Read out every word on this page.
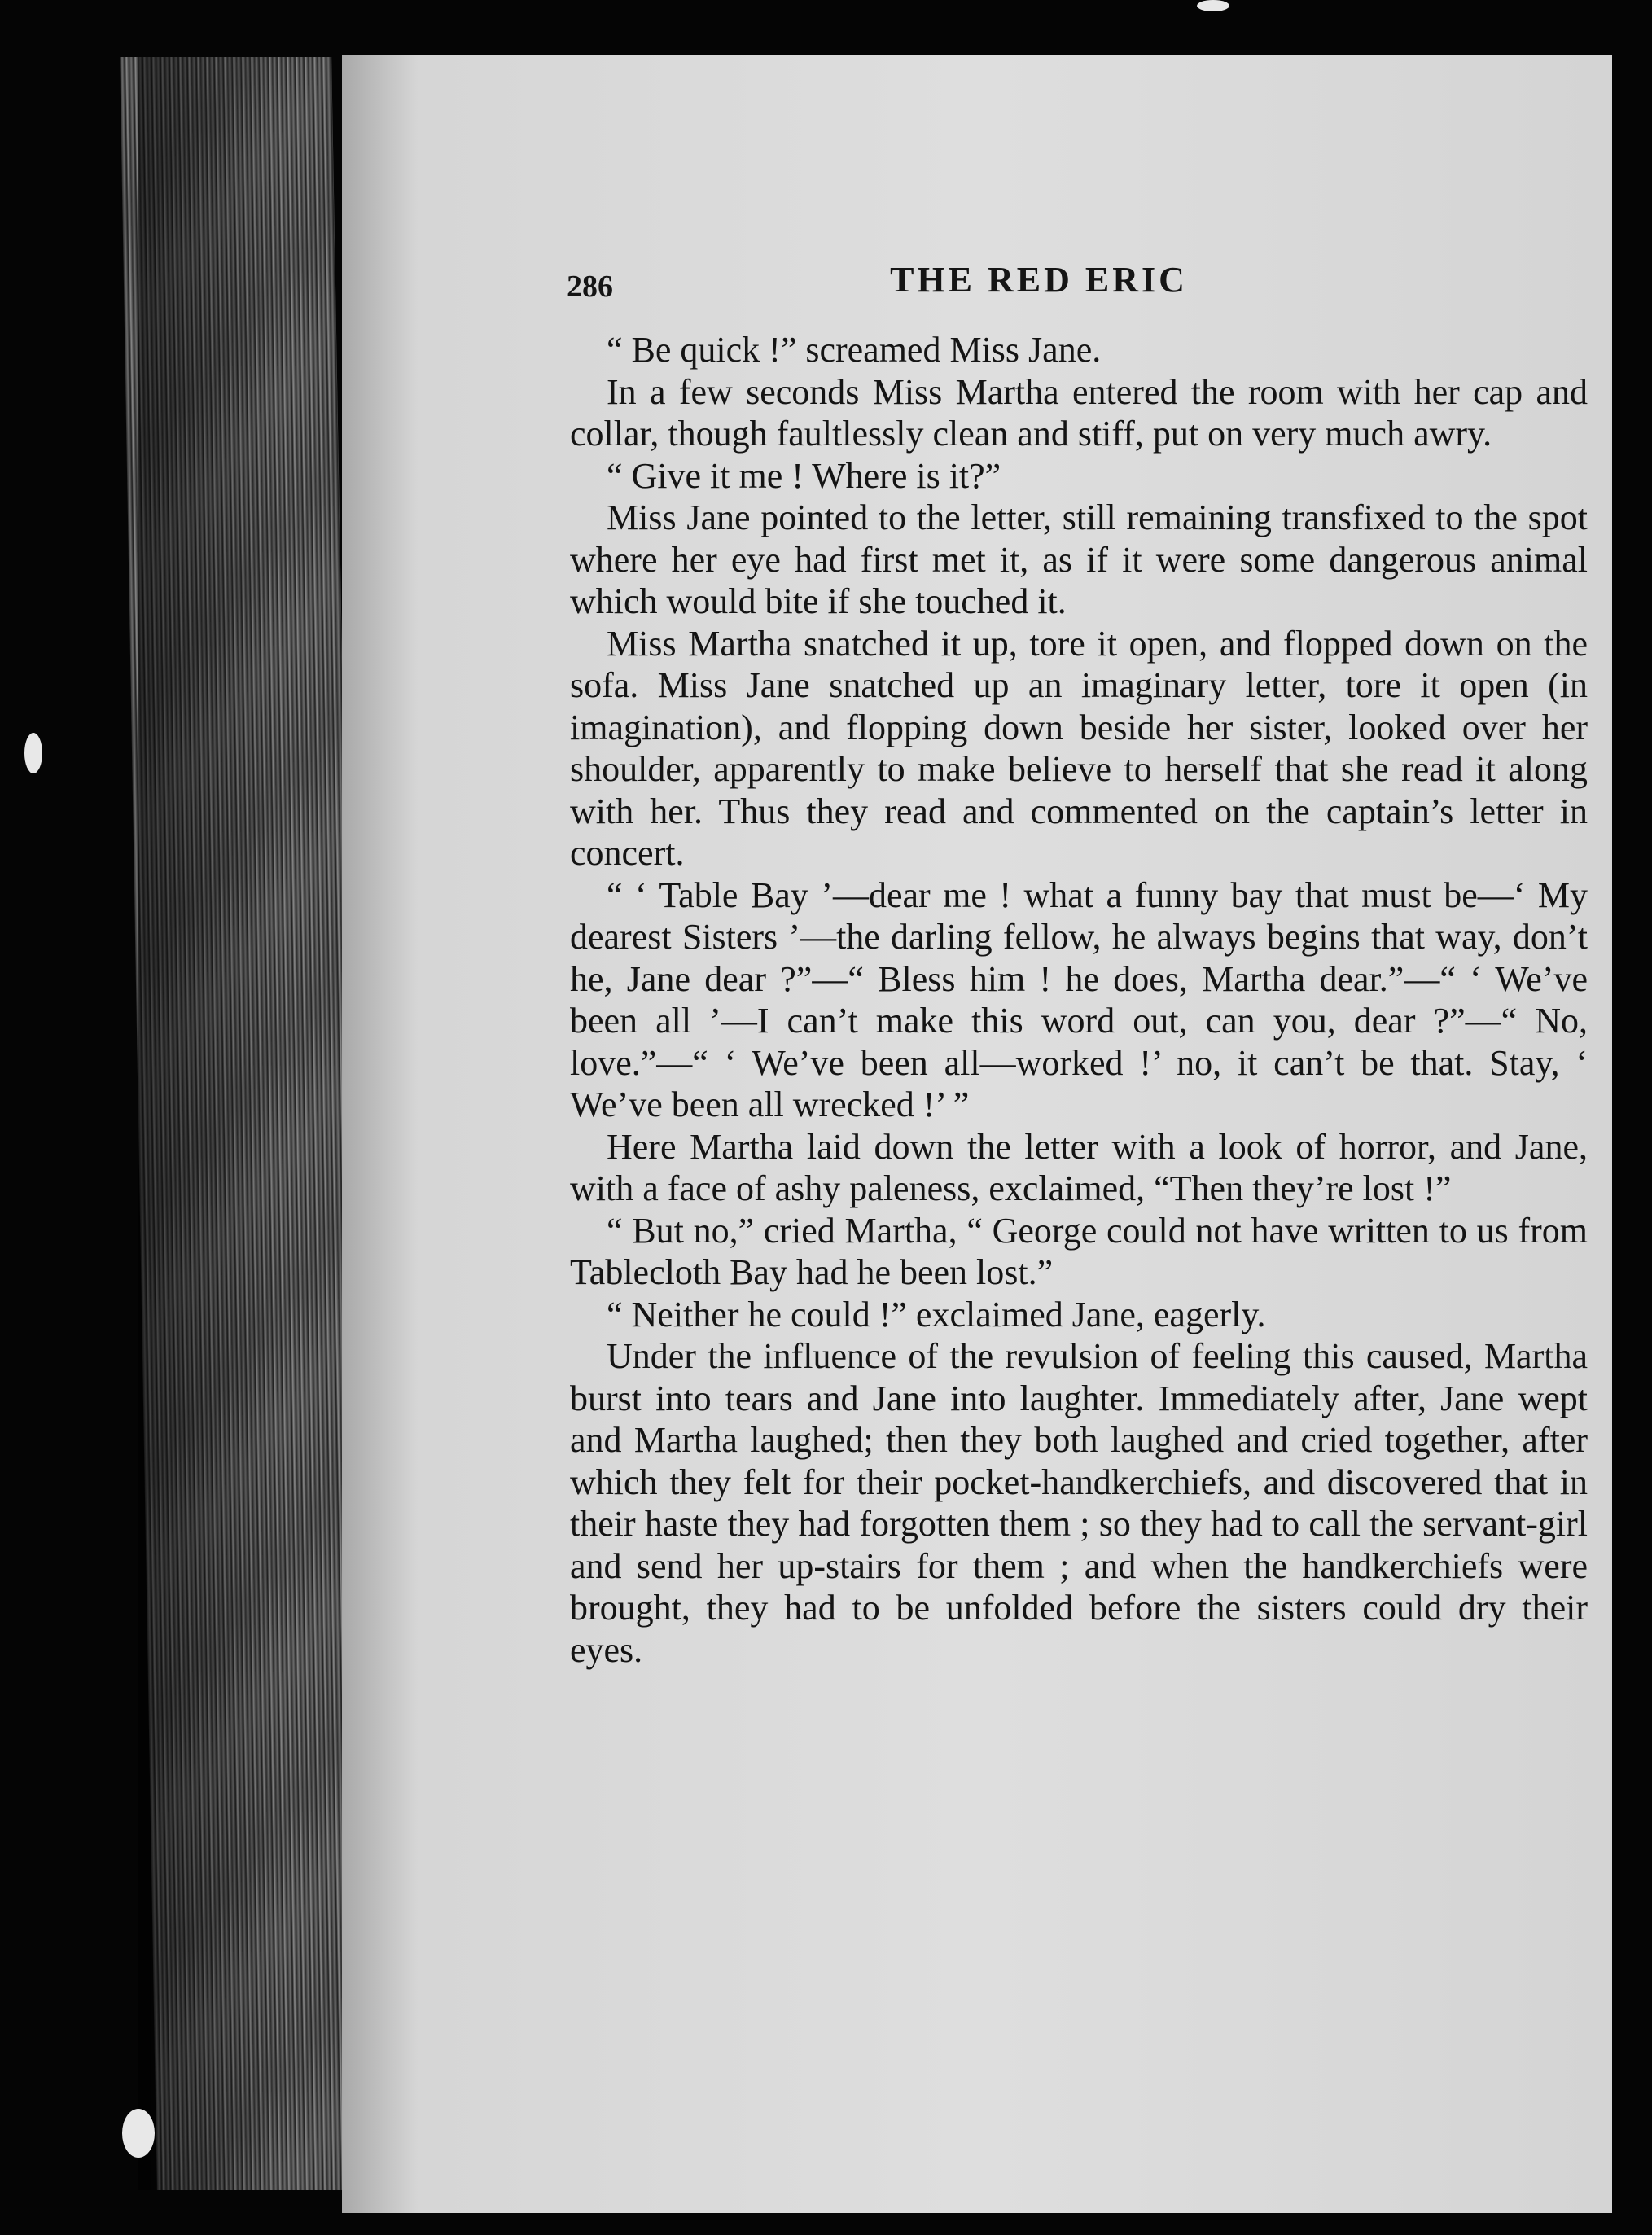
286	THE RED ERIC

“ Be quick !” screamed Miss Jane.

In a few seconds Miss Martha entered the room with her cap and collar, though faultlessly clean and stiff, put on very much awry.

“ Give it me ! Where is it?”

Miss Jane pointed to the letter, still remaining transfixed to the spot where her eye had first met it, as if it were some dangerous animal which would bite if she touched it.

Miss Martha snatched it up, tore it open, and flopped down on the sofa. Miss Jane snatched up an imaginary letter, tore it open (in imagination), and flopping down beside her sister, looked over her shoulder, apparently to make believe to herself that she read it along with her. Thus they read and commented on the captain’s letter in concert.

“ ‘ Table Bay ’—dear me ! what a funny bay that must be—‘ My dearest Sisters ’—the darling fellow, he always begins that way, don’t he, Jane dear ?”—“ Bless him ! he does, Martha dear.”—“ ‘ We’ve been all ’—I can’t make this word out, can you, dear ?”—“ No, love.”—“ ‘ We’ve been all—worked !’ no, it can’t be that. Stay, ‘ We’ve been all wrecked !’ ”

Here Martha laid down the letter with a look of horror, and Jane, with a face of ashy paleness, exclaimed, “Then they’re lost !”

“ But no,” cried Martha, “ George could not have written to us from Tablecloth Bay had he been lost.”

“ Neither he could !” exclaimed Jane, eagerly.

Under the influence of the revulsion of feeling this caused, Martha burst into tears and Jane into laughter. Immediately after, Jane wept and Martha laughed; then they both laughed and cried together, after which they felt for their pocket-handkerchiefs, and discovered that in their haste they had forgotten them ; so they had to call the servant-girl and send her up-stairs for them ; and when the handkerchiefs were brought, they had to be unfolded before the sisters could dry their eyes.
